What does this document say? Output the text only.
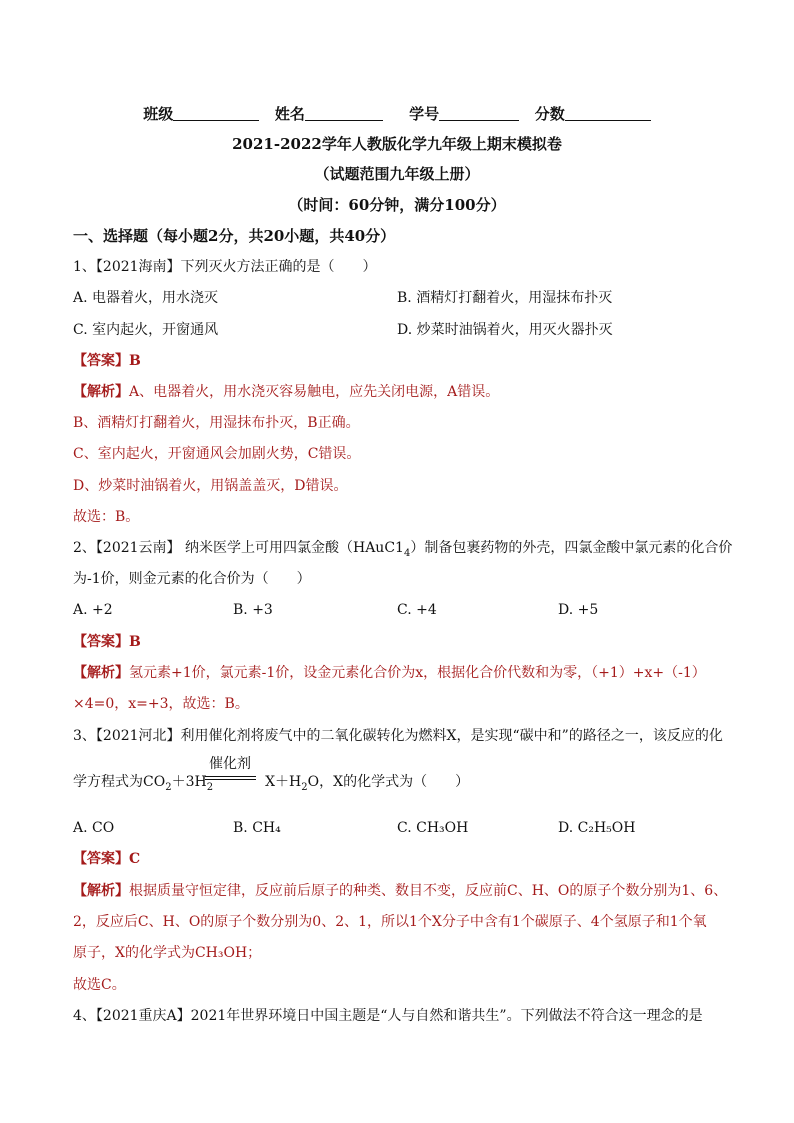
班级	姓名	学号	分数
2021-2022学年人教版化学九年级上期末模拟卷
（试题范围九年级上册）
（时间：60分钟，满分100分）
一、选择题（每小题2分，共20小题，共40分）
1、【2021海南】下列灭火方法正确的是（　　）
A. 电器着火，用水浇灭	B. 酒精灯打翻着火，用湿抹布扑灭
C. 室内起火，开窗通风	D. 炒菜时油锅着火，用灭火器扑灭
【答案】B
【解析】A、电器着火，用水浇灭容易触电，应先关闭电源，A错误。
B、酒精灯打翻着火，用湿抹布扑灭，B正确。
C、室内起火，开窗通风会加剧火势，C错误。
D、炒菜时油锅着火，用锅盖盖灭，D错误。
故选：B。
2、【2021云南】 纳米医学上可用四氯金酸$(HAuC1_4)$制备包裹药物的外壳，四氯金酸中氯元素的化合价
为-1价，则金元素的化合价为（　　）
A. +2	B. +3	C. +4	D. +5
【答案】B
【解析】氢元素+1价，氯元素-1价，设金元素化合价为x，根据化合价代数和为零，（+1）+x+（-1）
×4=0，x=+3，故选：B。
3、【2021河北】利用催化剂将废气中的二氧化碳转化为燃料X，是实现“碳中和”的路径之一，该反应的化
催化剂
学方程式为$CO_2+3H_2$	$X+H_2O$，X的化学式为（　　）
A. CO	B. CH₄	C. CH₃OH	D. C₂H₅OH
【答案】C
【解析】根据质量守恒定律，反应前后原子的种类、数目不变，反应前C、H、O的原子个数分别为1、6、
2，反应后C、H、O的原子个数分别为0、2、1，所以1个X分子中含有1个碳原子、4个氢原子和1个氧
原子，X的化学式为CH₃OH；
故选C。
4、【2021重庆A】2021年世界环境日中国主题是“人与自然和谐共生”。下列做法不符合这一理念的是
